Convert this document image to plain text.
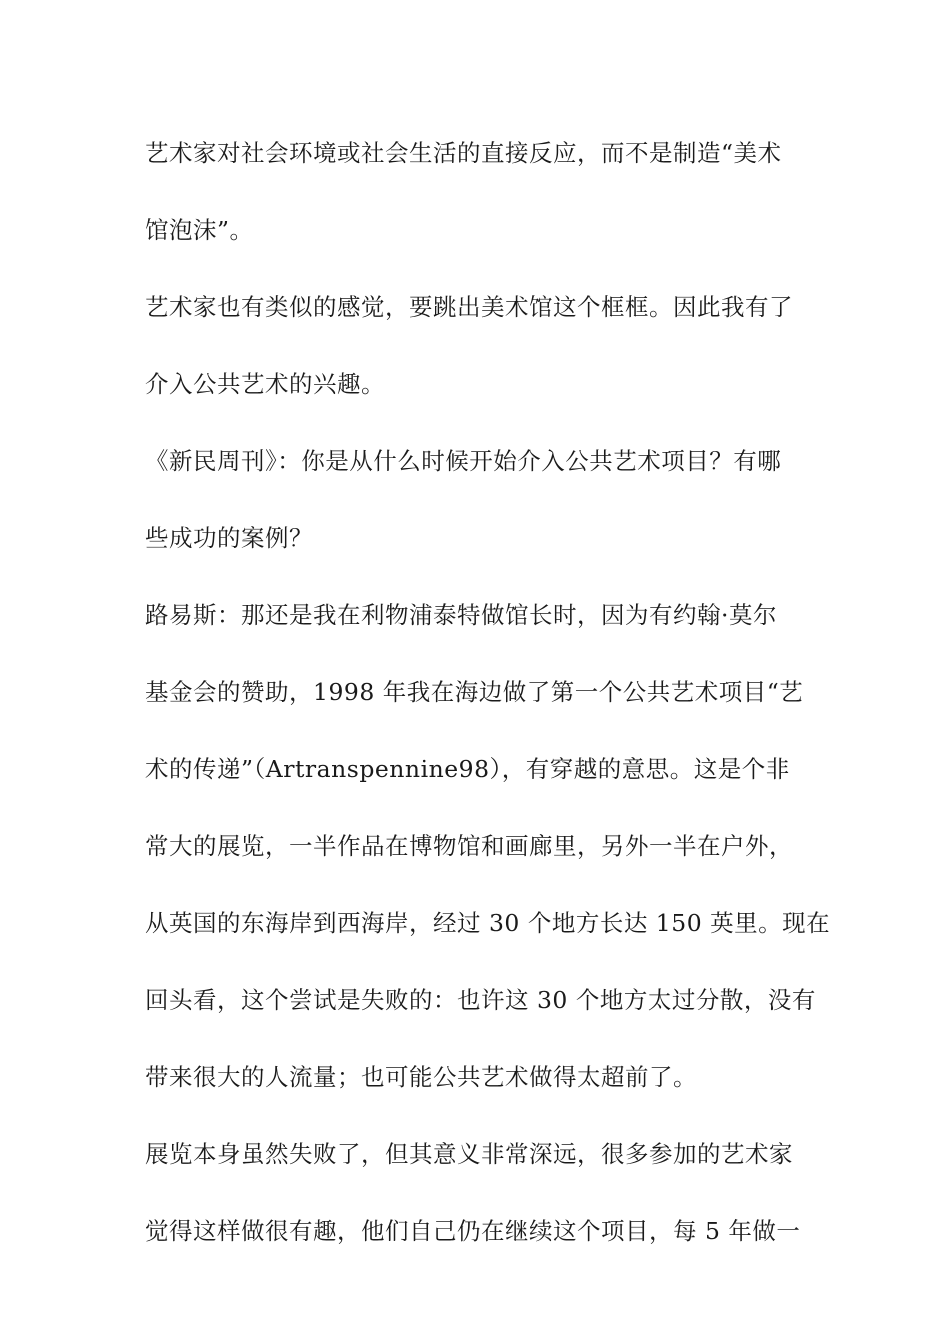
艺术家对社会环境或社会生活的直接反应，而不是制造“美术
馆泡沫”。
艺术家也有类似的感觉，要跳出美术馆这个框框。因此我有了
介入公共艺术的兴趣。
《新民周刊》：你是从什么时候开始介入公共艺术项目？有哪
些成功的案例？
路易斯：那还是我在利物浦泰特做馆长时，因为有约翰·莫尔
基金会的赞助，1998 年我在海边做了第一个公共艺术项目“艺
术的传递”（Artranspennine98），有穿越的意思。这是个非
常大的展览，一半作品在博物馆和画廊里，另外一半在户外，
从英国的东海岸到西海岸，经过 30 个地方长达 150 英里。现在
回头看，这个尝试是失败的：也许这 30 个地方太过分散，没有
带来很大的人流量；也可能公共艺术做得太超前了。
展览本身虽然失败了，但其意义非常深远，很多参加的艺术家
觉得这样做很有趣，他们自己仍在继续这个项目，每 5 年做一
